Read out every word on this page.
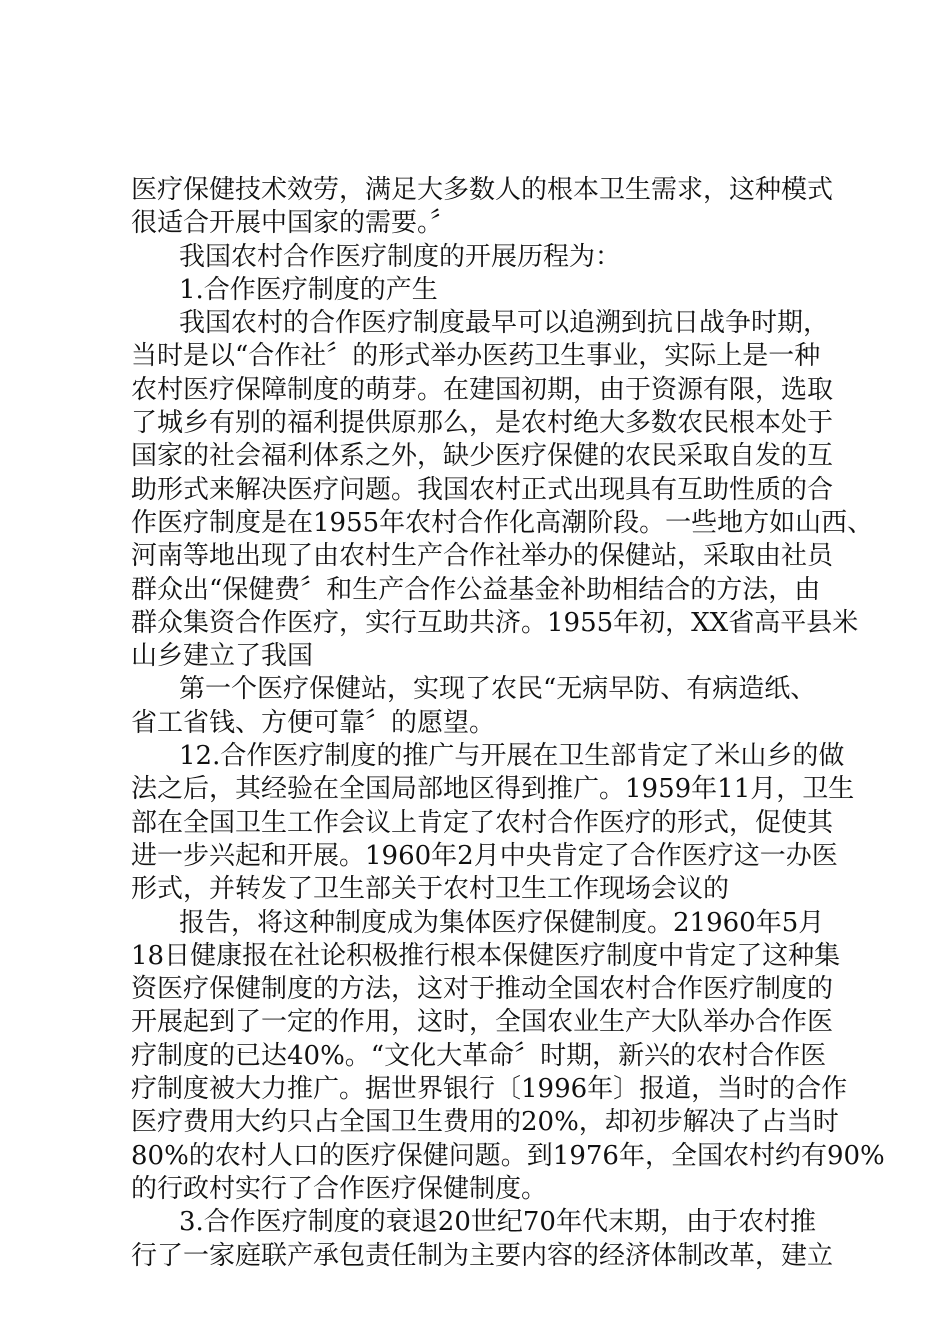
医疗保健技术效劳，满足大多数人的根本卫生需求，这种模式
很适合开展中国家的需要。〞
我国农村合作医疗制度的开展历程为：
1.合作医疗制度的产生
我国农村的合作医疗制度最早可以追溯到抗日战争时期，
当时是以“合作社〞的形式举办医药卫生事业，实际上是一种
农村医疗保障制度的萌芽。在建国初期，由于资源有限，选取
了城乡有别的福利提供原那么，是农村绝大多数农民根本处于
国家的社会福利体系之外，缺少医疗保健的农民采取自发的互
助形式来解决医疗问题。我国农村正式出现具有互助性质的合
作医疗制度是在1955年农村合作化高潮阶段。一些地方如山西、
河南等地出现了由农村生产合作社举办的保健站，采取由社员
群众出“保健费〞和生产合作公益基金补助相结合的方法，由
群众集资合作医疗，实行互助共济。1955年初，XX省高平县米
山乡建立了我国
第一个医疗保健站，实现了农民“无病早防、有病造纸、
省工省钱、方便可靠〞的愿望。
12.合作医疗制度的推广与开展在卫生部肯定了米山乡的做
法之后，其经验在全国局部地区得到推广。1959年11月，卫生
部在全国卫生工作会议上肯定了农村合作医疗的形式，促使其
进一步兴起和开展。1960年2月中央肯定了合作医疗这一办医
形式，并转发了卫生部关于农村卫生工作现场会议的
报告，将这种制度成为集体医疗保健制度。21960年5月
18日健康报在社论积极推行根本保健医疗制度中肯定了这种集
资医疗保健制度的方法，这对于推动全国农村合作医疗制度的
开展起到了一定的作用，这时，全国农业生产大队举办合作医
疗制度的已达40%。“文化大革命〞时期，新兴的农村合作医
疗制度被大力推广。据世界银行〔1996年〕报道，当时的合作
医疗费用大约只占全国卫生费用的20%，却初步解决了占当时
80%的农村人口的医疗保健问题。到1976年，全国农村约有90%
的行政村实行了合作医疗保健制度。
3.合作医疗制度的衰退20世纪70年代末期，由于农村推
行了一家庭联产承包责任制为主要内容的经济体制改革，建立
